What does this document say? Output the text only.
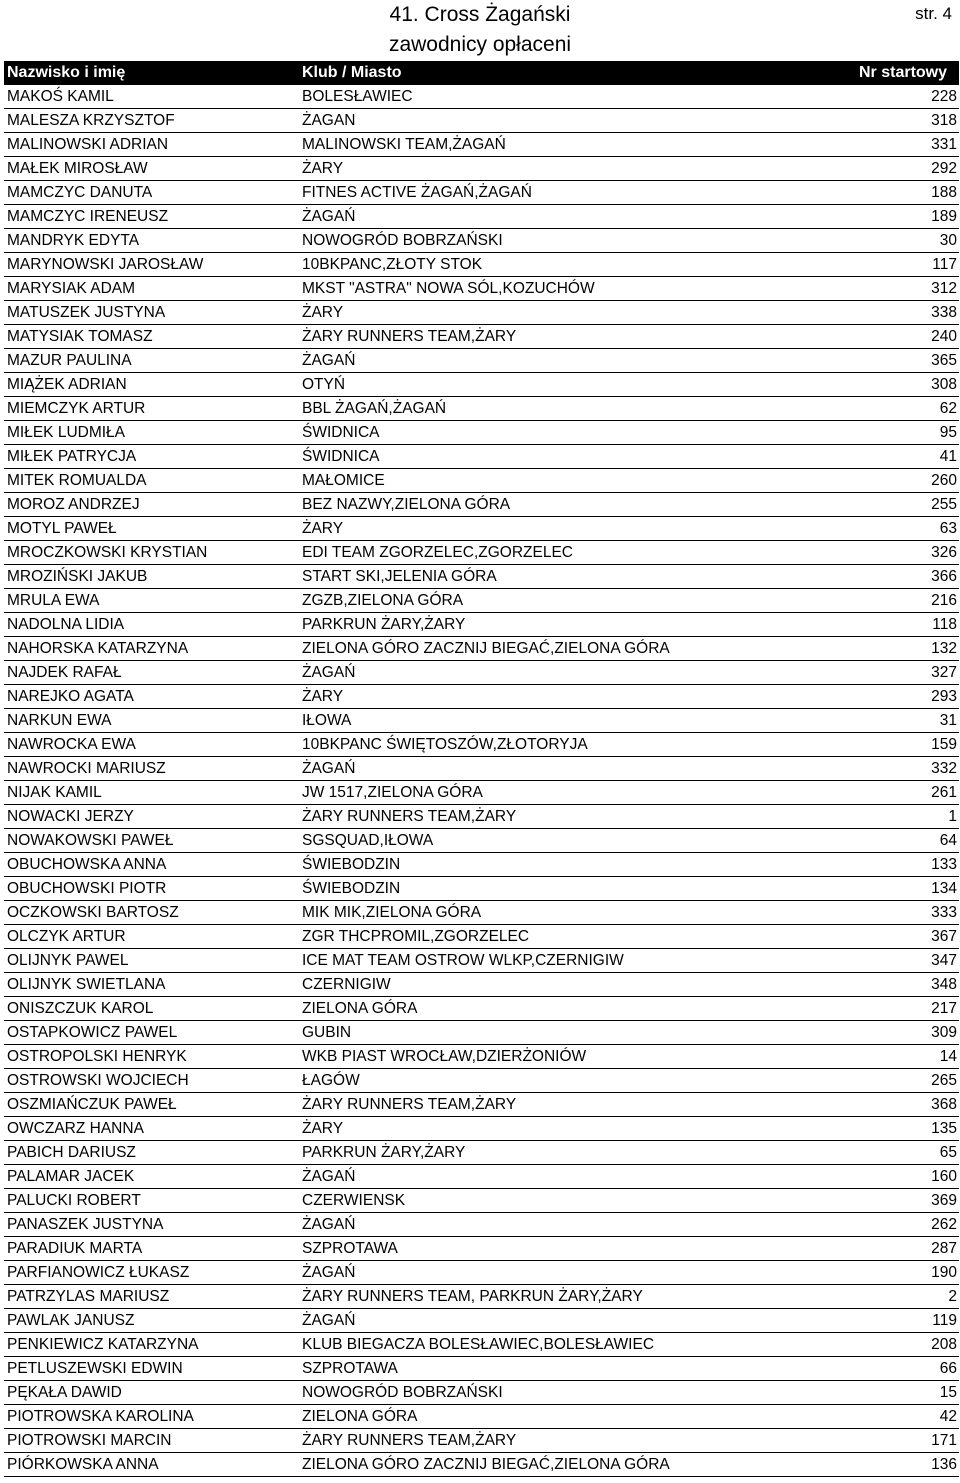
41. Cross Żagański
zawodnicy opłaceni
str. 4
Nazwisko i imię	Klub / Miasto	Nr startowy
MAKOŚ KAMIL	BOLESŁAWIEC	228
MALESZA KRZYSZTOF	ŻAGAN	318
MALINOWSKI ADRIAN	MALINOWSKI TEAM,ŻAGAŃ	331
MAŁEK MIROSŁAW	ŻARY	292
MAMCZYC DANUTA	FITNES ACTIVE ŻAGAŃ,ŻAGAŃ	188
MAMCZYC IRENEUSZ	ŻAGAŃ	189
MANDRYK EDYTA	NOWOGRÓD BOBRZAŃSKI	30
MARYNOWSKI JAROSŁAW	10BKPANC,ZŁOTY STOK	117
MARYSIAK ADAM	MKST "ASTRA" NOWA SÓL,KOZUCHÓW	312
MATUSZEK JUSTYNA	ŻARY	338
MATYSIAK TOMASZ	ŻARY RUNNERS TEAM,ŻARY	240
MAZUR PAULINA	ŻAGAŃ	365
MIĄŻEK ADRIAN	OTYŃ	308
MIEMCZYK ARTUR	BBL ŻAGAŃ,ŻAGAŃ	62
MIŁEK LUDMIŁA	ŚWIDNICA	95
MIŁEK PATRYCJA	ŚWIDNICA	41
MITEK ROMUALDA	MAŁOMICE	260
MOROZ ANDRZEJ	BEZ NAZWY,ZIELONA GÓRA	255
MOTYL PAWEŁ	ŻARY	63
MROCZKOWSKI KRYSTIAN	EDI TEAM ZGORZELEC,ZGORZELEC	326
MROZIŃSKI JAKUB	START SKI,JELENIA GÓRA	366
MRULA EWA	ZGZB,ZIELONA GÓRA	216
NADOLNA LIDIA	PARKRUN ŻARY,ŻARY	118
NAHORSKA KATARZYNA	ZIELONA GÓRO ZACZNIJ BIEGAĆ,ZIELONA GÓRA	132
NAJDEK RAFAŁ	ŻAGAŃ	327
NAREJKO AGATA	ŻARY	293
NARKUN EWA	IŁOWA	31
NAWROCKA EWA	10BKPANC ŚWIĘTOSZÓW,ZŁOTORYJA	159
NAWROCKI MARIUSZ	ŻAGAŃ	332
NIJAK KAMIL	JW 1517,ZIELONA GÓRA	261
NOWACKI JERZY	ŻARY RUNNERS TEAM,ŻARY	1
NOWAKOWSKI PAWEŁ	SGSQUAD,IŁOWA	64
OBUCHOWSKA ANNA	ŚWIEBODZIN	133
OBUCHOWSKI PIOTR	ŚWIEBODZIN	134
OCZKOWSKI BARTOSZ	MIK MIK,ZIELONA GÓRA	333
OLCZYK ARTUR	ZGR THCPROMIL,ZGORZELEC	367
OLIJNYK PAWEL	ICE MAT TEAM OSTROW WLKP,CZERNIGIW	347
OLIJNYK SWIETLANA	CZERNIGIW	348
ONISZCZUK KAROL	ZIELONA GÓRA	217
OSTAPKOWICZ PAWEL	GUBIN	309
OSTROPOLSKI HENRYK	WKB PIAST WROCŁAW,DZIERŻONIÓW	14
OSTROWSKI WOJCIECH	ŁAGÓW	265
OSZMIAŃCZUK PAWEŁ	ŻARY RUNNERS TEAM,ŻARY	368
OWCZARZ HANNA	ŻARY	135
PABICH DARIUSZ	PARKRUN ŻARY,ŻARY	65
PALAMAR JACEK	ŻAGAŃ	160
PALUCKI ROBERT	CZERWIENSK	369
PANASZEK JUSTYNA	ŻAGAŃ	262
PARADIUK MARTA	SZPROTAWA	287
PARFIANOWICZ ŁUKASZ	ŻAGAŃ	190
PATRZYLAS MARIUSZ	ŻARY RUNNERS TEAM, PARKRUN ŻARY,ŻARY	2
PAWLAK JANUSZ	ŻAGAŃ	119
PENKIEWICZ KATARZYNA	KLUB BIEGACZA BOLESŁAWIEC,BOLESŁAWIEC	208
PETLUSZEWSKI EDWIN	SZPROTAWA	66
PĘKAŁA DAWID	NOWOGRÓD BOBRZAŃSKI	15
PIOTROWSKA KAROLINA	ZIELONA GÓRA	42
PIOTROWSKI MARCIN	ŻARY RUNNERS TEAM,ŻARY	171
PIÓRKOWSKA ANNA	ZIELONA GÓRO ZACZNIJ BIEGAĆ,ZIELONA GÓRA	136
